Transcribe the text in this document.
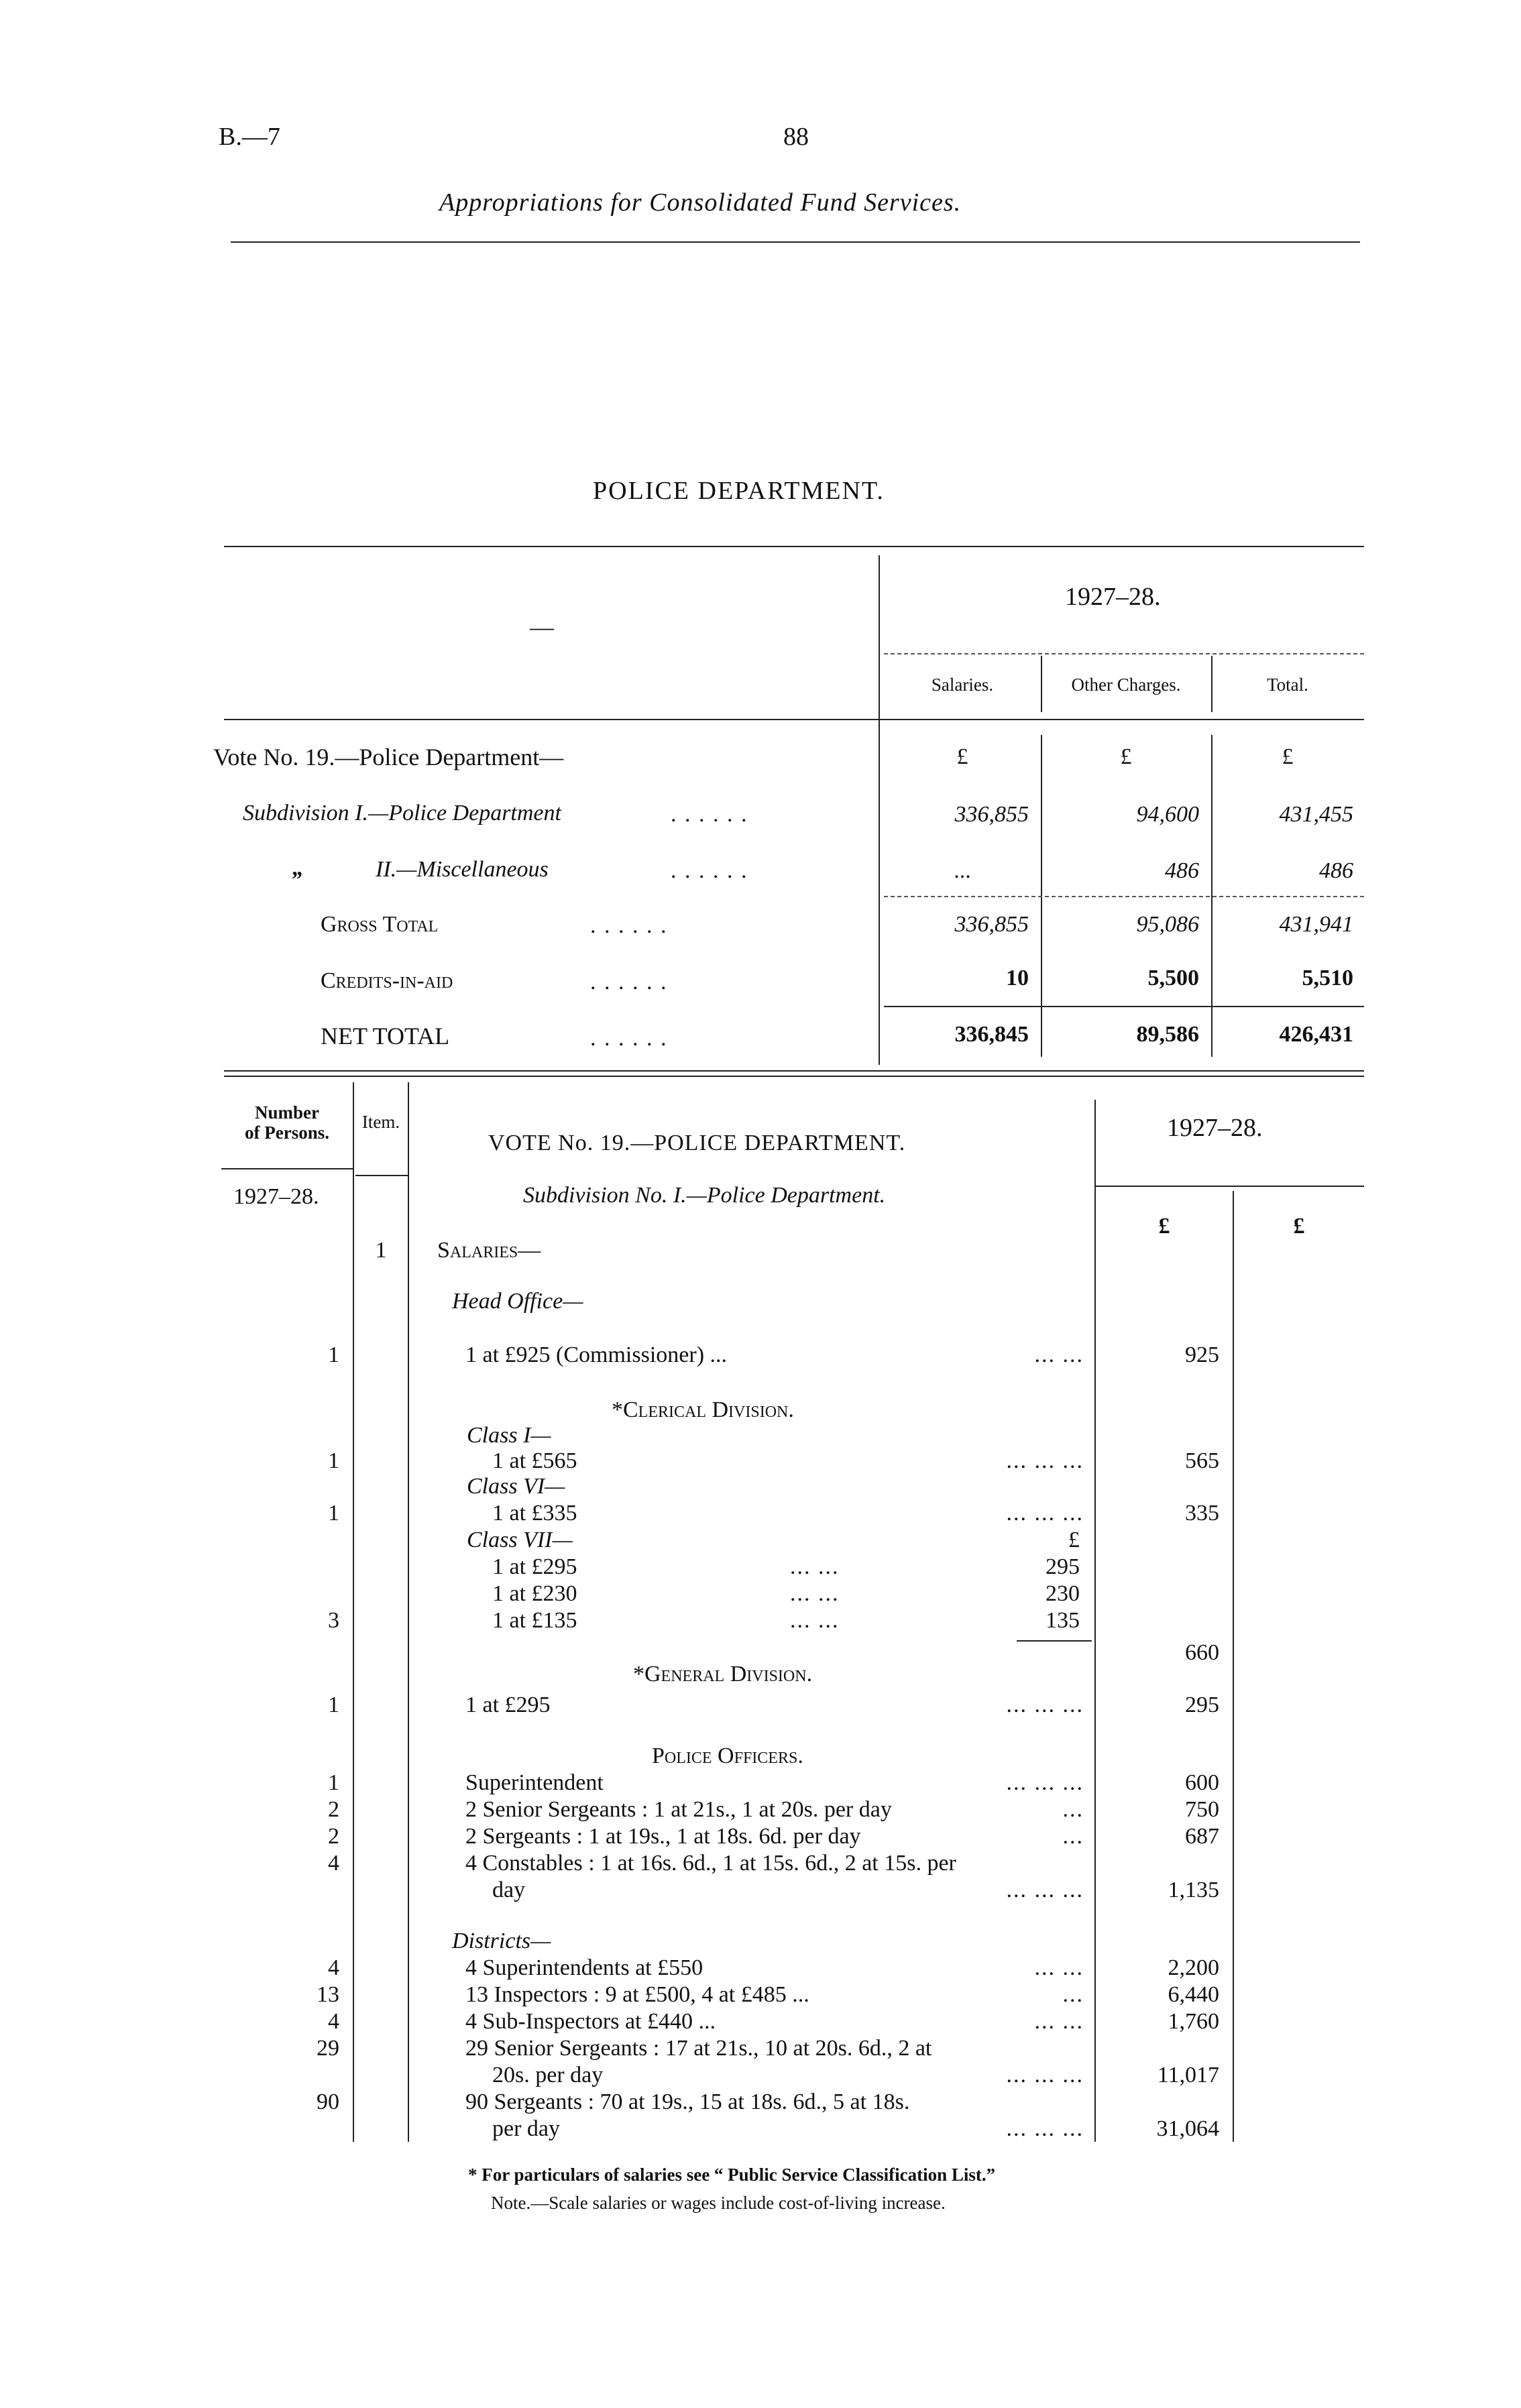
B.—7	88
Appropriations for Consolidated Fund Services.
POLICE DEPARTMENT.
—
1927–28.
Salaries.	Other Charges.	Total.
Vote No. 19.—Police Department—	£	£	£
Subdivision I.—Police Department	. . . . . .	336,855	94,600	431,455
„	II.—Miscellaneous	. . . . . .	...	486	486
Gross Total	. . . . . .	336,855	95,086	431,941
Credits-in-aid	. . . . . .	10	5,500	5,510
NET TOTAL	. . . . . .	336,845	89,586	426,431
Number
of Persons.
Item.
VOTE No. 19.—POLICE DEPARTMENT.
1927–28.
1927–28.	Subdivision No. I.—Police Department.
£	£
1	Salaries—
Head Office—
1	1 at £925 (Commissioner) ...	... ...	925
*Clerical Division.
Class I—
1	1 at £565	... ... ...	565
Class VI—
1	1 at £335	... ... ...	335
Class VII—	£
1 at £295	... ...	295
1 at £230	... ...	230
3	1 at £135	... ...	135
660
*General Division.
1	1 at £295	... ... ...	295
Police Officers.
1	Superintendent	... ... ...	600
2	2 Senior Sergeants : 1 at 21s., 1 at 20s. per day	...	750
2	2 Sergeants : 1 at 19s., 1 at 18s. 6d. per day	...	687
4	4 Constables : 1 at 16s. 6d., 1 at 15s. 6d., 2 at 15s. per
day	... ... ...	1,135
Districts—
4	4 Superintendents at £550	... ...	2,200
13	13 Inspectors : 9 at £500, 4 at £485 ...	...	6,440
4	4 Sub-Inspectors at £440 ...	... ...	1,760
29	29 Senior Sergeants : 17 at 21s., 10 at 20s. 6d., 2 at
20s. per day	... ... ...	11,017
90	90 Sergeants : 70 at 19s., 15 at 18s. 6d., 5 at 18s.
per day	... ... ...	31,064
* For particulars of salaries see “ Public Service Classification List.”
Note.—Scale salaries or wages include cost-of-living increase.
